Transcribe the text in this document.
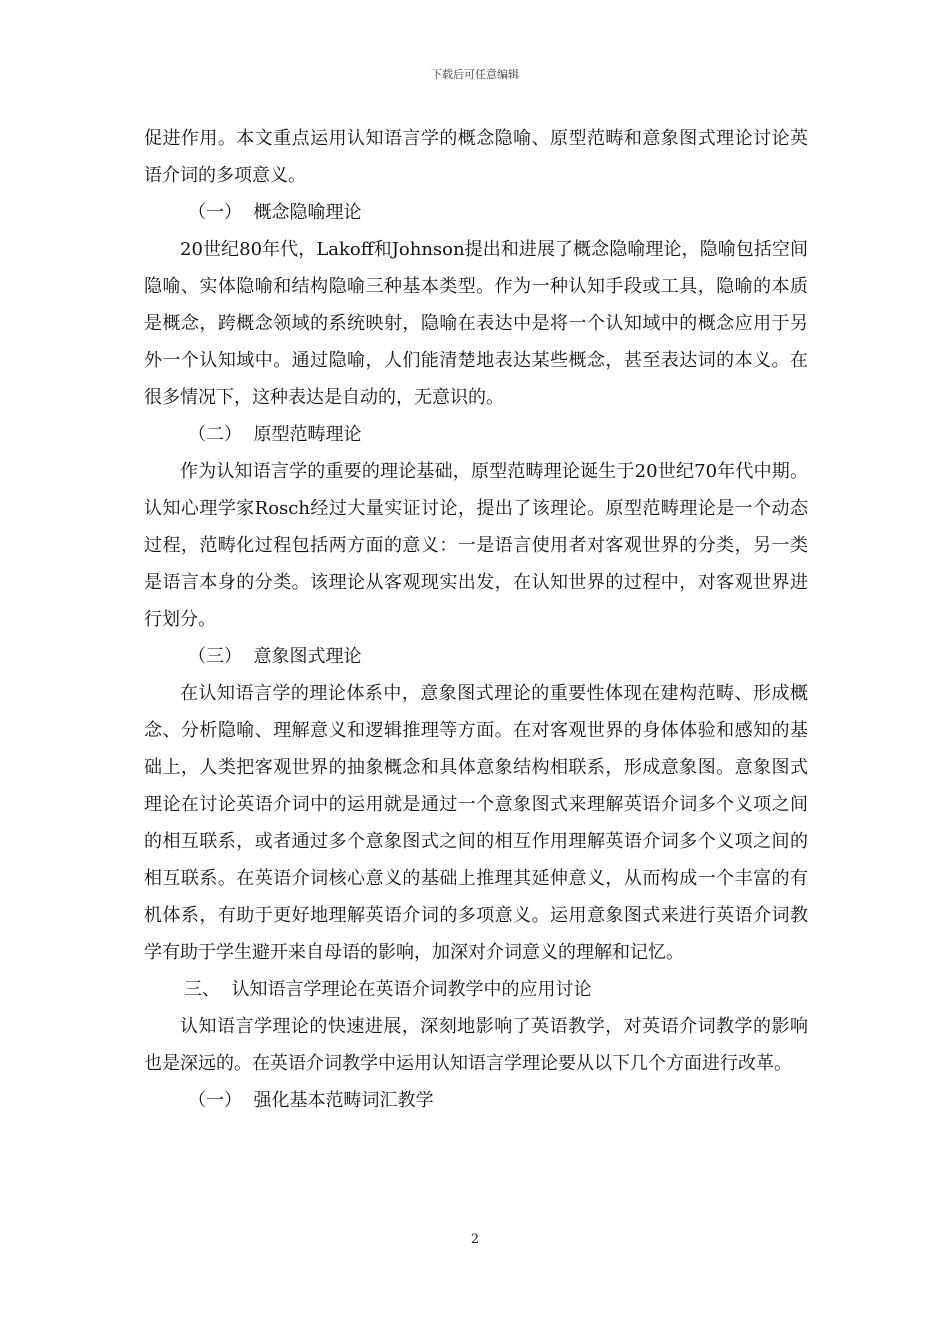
下载后可任意编辑

促进作用。本文重点运用认知语言学的概念隐喻、原型范畴和意象图式理论讨论英语介词的多项意义。

（一）  概念隐喻理论

20世纪80年代，Lakoff和Johnson提出和进展了概念隐喻理论，隐喻包括空间隐喻、实体隐喻和结构隐喻三种基本类型。作为一种认知手段或工具，隐喻的本质是概念，跨概念领域的系统映射，隐喻在表达中是将一个认知域中的概念应用于另外一个认知域中。通过隐喻，人们能清楚地表达某些概念，甚至表达词的本义。在很多情况下，这种表达是自动的，无意识的。

（二）  原型范畴理论

作为认知语言学的重要的理论基础，原型范畴理论诞生于20世纪70年代中期。认知心理学家Rosch经过大量实证讨论，提出了该理论。原型范畴理论是一个动态过程，范畴化过程包括两方面的意义：一是语言使用者对客观世界的分类，另一类是语言本身的分类。该理论从客观现实出发，在认知世界的过程中，对客观世界进行划分。

（三）  意象图式理论

在认知语言学的理论体系中，意象图式理论的重要性体现在建构范畴、形成概念、分析隐喻、理解意义和逻辑推理等方面。在对客观世界的身体体验和感知的基础上，人类把客观世界的抽象概念和具体意象结构相联系，形成意象图。意象图式理论在讨论英语介词中的运用就是通过一个意象图式来理解英语介词多个义项之间的相互联系，或者通过多个意象图式之间的相互作用理解英语介词多个义项之间的相互联系。在英语介词核心意义的基础上推理其延伸意义，从而构成一个丰富的有机体系，有助于更好地理解英语介词的多项意义。运用意象图式来进行英语介词教学有助于学生避开来自母语的影响，加深对介词意义的理解和记忆。

三、  认知语言学理论在英语介词教学中的应用讨论

认知语言学理论的快速进展，深刻地影响了英语教学，对英语介词教学的影响也是深远的。在英语介词教学中运用认知语言学理论要从以下几个方面进行改革。

（一）  强化基本范畴词汇教学

2
